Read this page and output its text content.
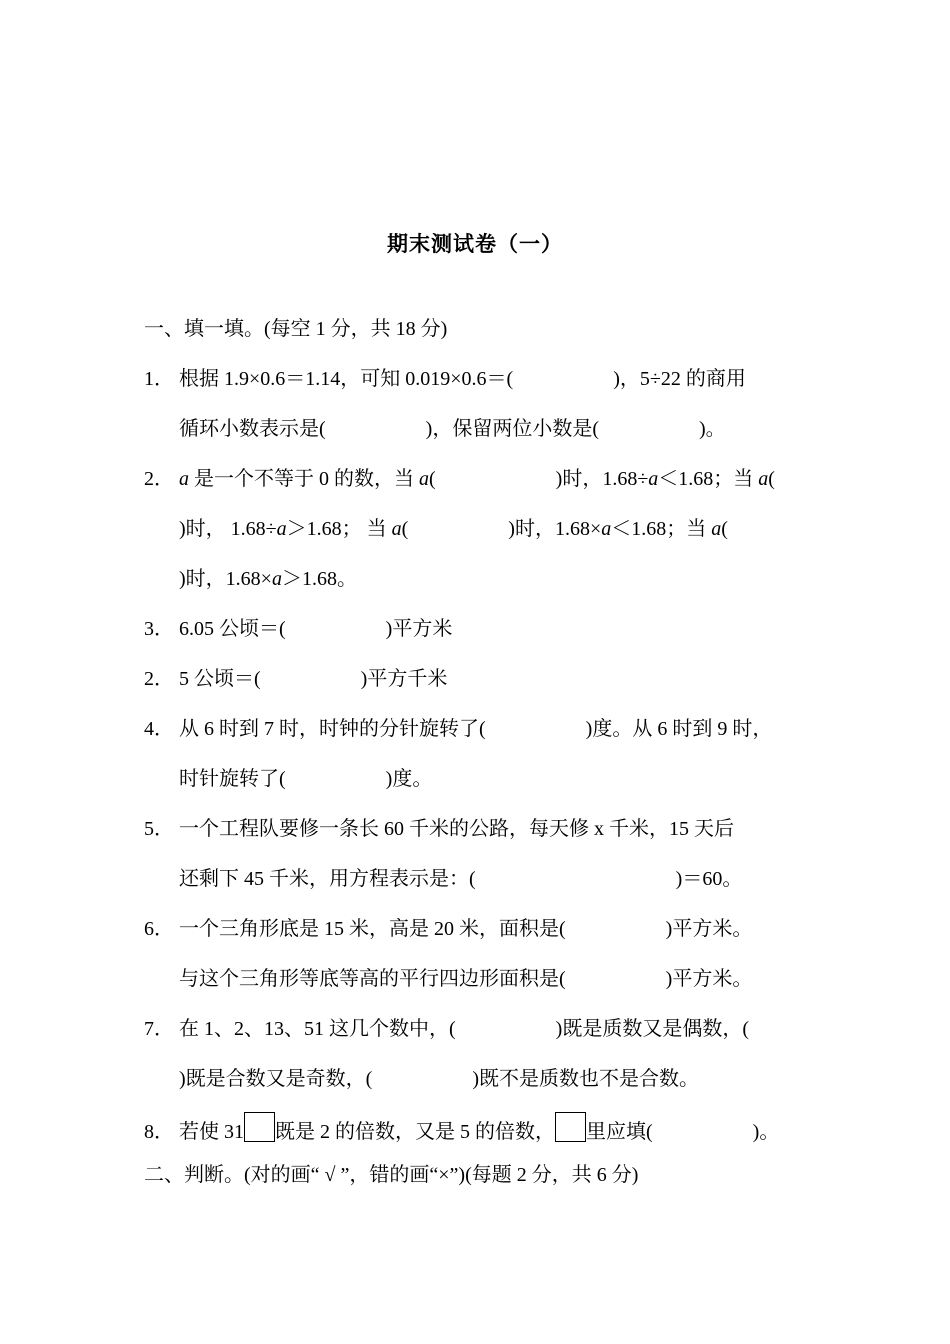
期末测试卷（一）
一、填一填。(每空 1 分，共 18 分)
1． 根据 1.9×0.6＝1.14，可知 0.019×0.6＝(　　　　　)，5÷22 的商用
循环小数表示是(　　　　　)，保留两位小数是(　　　　　)。
2． a 是一个不等于 0 的数，当 a(　　　　　　)时，1.68÷a＜1.68；当 a(
)时， 1.68÷a＞1.68； 当 a(　　　　　)时，1.68×a＜1.68；当 a(
)时，1.68×a＞1.68。
3． 6.05 公顷＝(　　　　　)平方米
2． 5 公顷＝(　　　　　)平方千米
4． 从 6 时到 7 时，时钟的分针旋转了(　　　　　)度。从 6 时到 9 时，
时针旋转了(　　　　　)度。
5． 一个工程队要修一条长 60 千米的公路，每天修 x 千米，15 天后
还剩下 45 千米，用方程表示是：(　　　　　　　　　　)＝60。
6． 一个三角形底是 15 米，高是 20 米，面积是(　　　　　)平方米。
与这个三角形等底等高的平行四边形面积是(　　　　　)平方米。
7． 在 1、2、13、51 这几个数中，(　　　　　)既是质数又是偶数，(
)既是合数又是奇数，(　　　　　)既不是质数也不是合数。
8． 若使 31 既是 2 的倍数，又是 5 的倍数， 里应填(　　　　　)。
二、判断。(对的画“ √ ”，错的画“×”)(每题 2 分，共 6 分)
